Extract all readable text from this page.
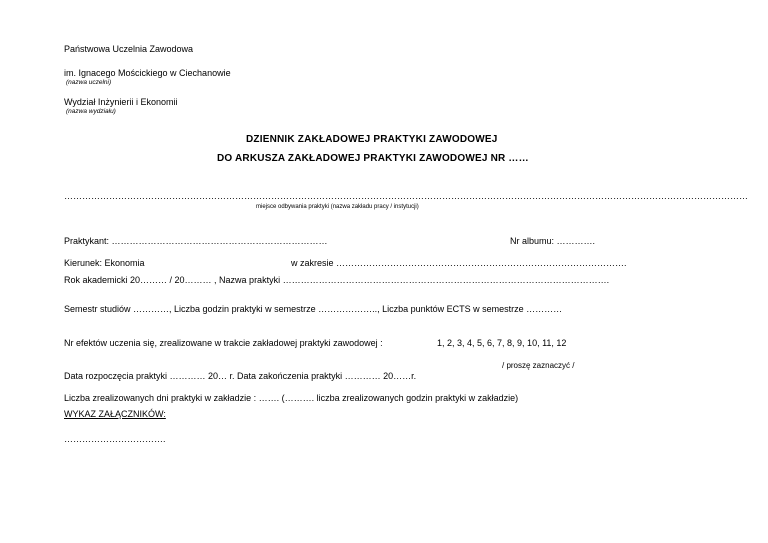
Państwowa Uczelnia Zawodowa
im. Ignacego Mościckiego w Ciechanowie
(nazwa uczelni)
Wydział Inżynierii i Ekonomii
(nazwa wydziału)
DZIENNIK ZAKŁADOWEJ PRAKTYKI ZAWODOWEJ
DO ARKUSZA ZAKŁADOWEJ PRAKTYKI ZAWODOWEJ NR ……
…………………………………………………………………………………………………………………………………………………………………………………………………………
miejsce odbywania praktyki (nazwa zakładu pracy / instytucji)
Praktykant: ………………………………………………………………	Nr albumu: ………….
Kierunek: Ekonomia	w zakresie …………………………………………………………………………………….
Rok akademicki 20……… / 20……… , Nazwa praktyki ……………………………………………………………………………………………….
Semestr studiów …………, Liczba godzin praktyki w semestrze ……………….., Liczba punktów ECTS w semestrze …………
Nr efektów uczenia się, zrealizowane w trakcie zakładowej praktyki zawodowej :	1, 2, 3, 4, 5, 6, 7, 8, 9, 10, 11, 12
/ proszę zaznaczyć /
Data rozpoczęcia praktyki ………… 20… r. Data zakończenia praktyki ………… 20……r.
Liczba zrealizowanych dni praktyki w zakładzie : ……. (………. liczba zrealizowanych godzin praktyki w zakładzie)
WYKAZ ZAŁĄCZNIKÓW:
…………………………….
